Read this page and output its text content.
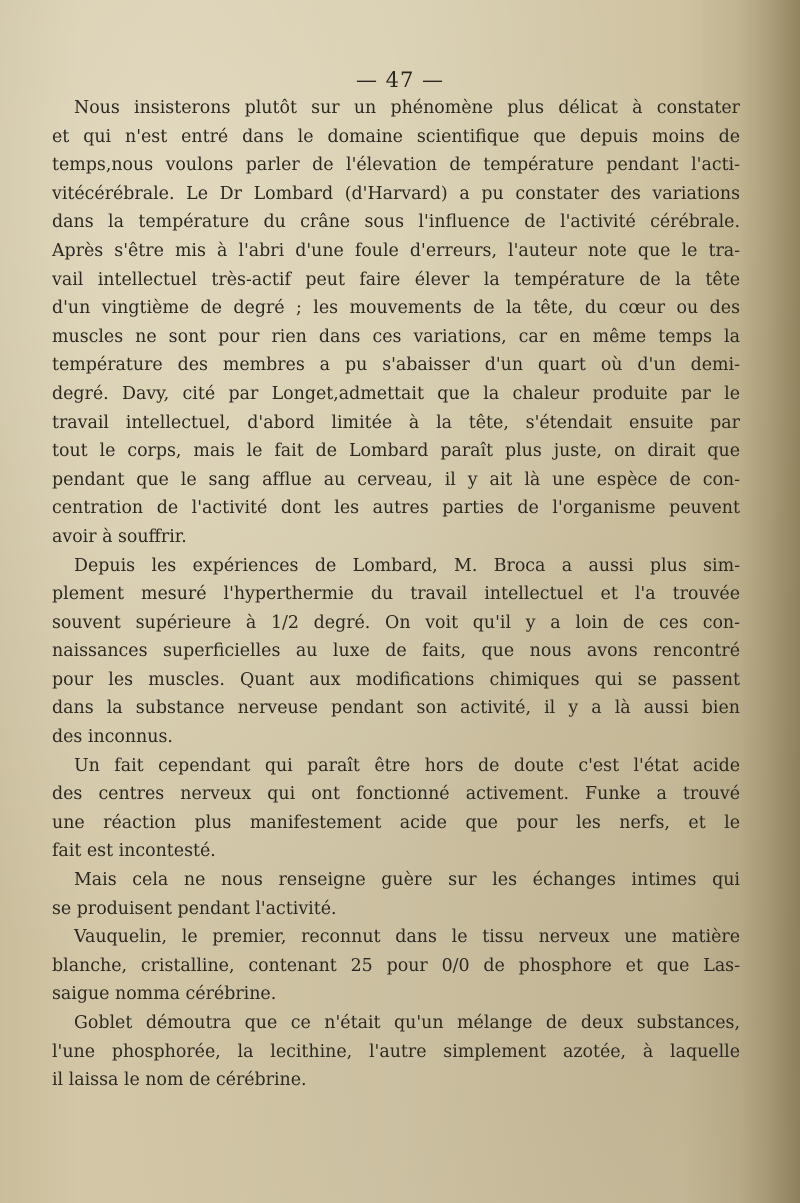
— 47 —
Nous insisterons plutôt sur un phénomène plus délicat à constater
et qui n'est entré dans le domaine scientifique que depuis moins de
temps,nous voulons parler de l'élevation de température pendant l'acti-
vitécérébrale. Le Dr Lombard (d'Harvard) a pu constater des variations
dans la température du crâne sous l'influence de l'activité cérébrale.
Après s'être mis à l'abri d'une foule d'erreurs, l'auteur note que le tra-
vail intellectuel très-actif peut faire élever la température de la tête
d'un vingtième de degré ; les mouvements de la tête, du cœur ou des
muscles ne sont pour rien dans ces variations, car en même temps la
température des membres a pu s'abaisser d'un quart où d'un demi-
degré. Davy, cité par Longet,admettait que la chaleur produite par le
travail intellectuel, d'abord limitée à la tête, s'étendait ensuite par
tout le corps, mais le fait de Lombard paraît plus juste, on dirait que
pendant que le sang afflue au cerveau, il y ait là une espèce de con-
centration de l'activité dont les autres parties de l'organisme peuvent
avoir à souffrir.
Depuis les expériences de Lombard, M. Broca a aussi plus sim-
plement mesuré l'hyperthermie du travail intellectuel et l'a trouvée
souvent supérieure à 1/2 degré. On voit qu'il y a loin de ces con-
naissances superficielles au luxe de faits, que nous avons rencontré
pour les muscles. Quant aux modifications chimiques qui se passent
dans la substance nerveuse pendant son activité, il y a là aussi bien
des inconnus.
Un fait cependant qui paraît être hors de doute c'est l'état acide
des centres nerveux qui ont fonctionné activement. Funke a trouvé
une réaction plus manifestement acide que pour les nerfs, et le
fait est incontesté.
Mais cela ne nous renseigne guère sur les échanges intimes qui
se produisent pendant l'activité.
Vauquelin, le premier, reconnut dans le tissu nerveux une matière
blanche, cristalline, contenant 25 pour 0/0 de phosphore et que Las-
saigue nomma cérébrine.
Goblet démoutra que ce n'était qu'un mélange de deux substances,
l'une phosphorée, la lecithine, l'autre simplement azotée, à laquelle
il laissa le nom de cérébrine.
